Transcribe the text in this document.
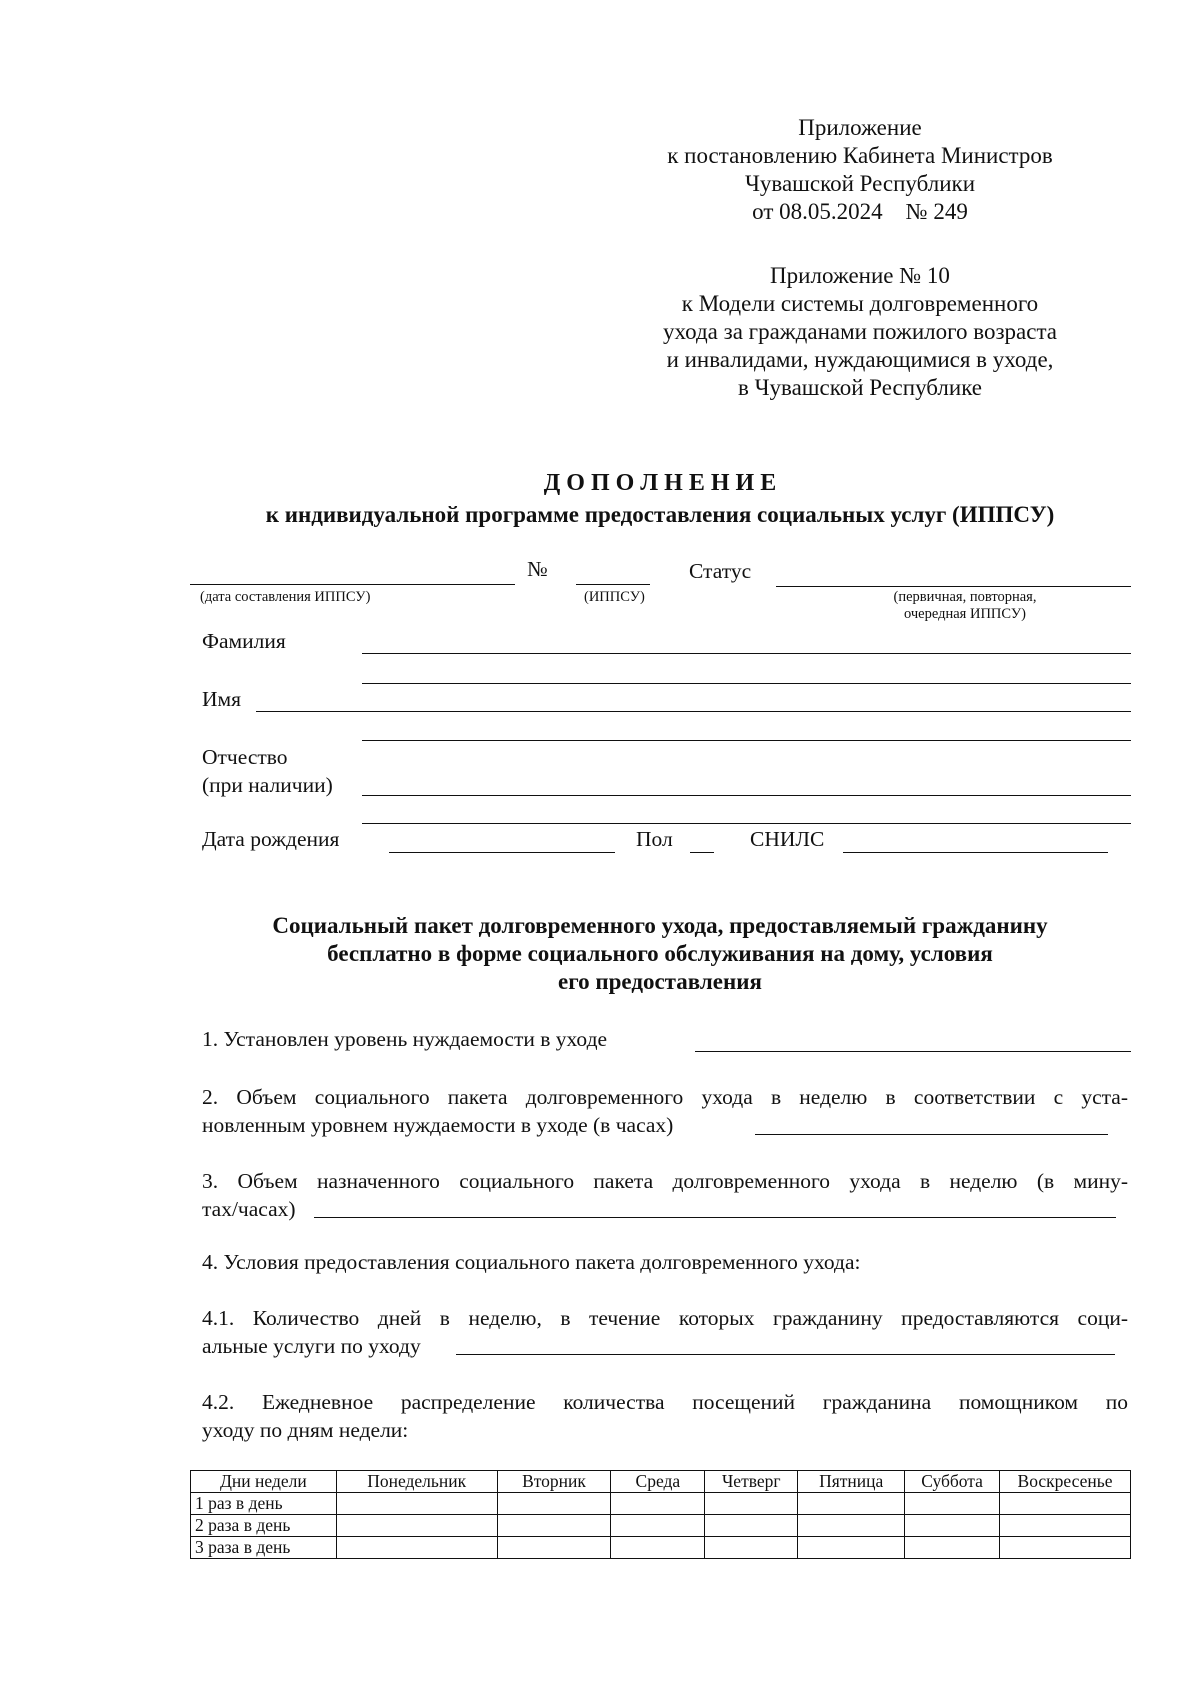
Приложение
к постановлению Кабинета Министров
Чувашской Республики
от 08.05.2024    № 249
Приложение № 10
к Модели системы долговременного
ухода за гражданами пожилого возраста
и инвалидами, нуждающимися в уходе,
в Чувашской Республике
Д О П О Л Н Е Н И Е
к индивидуальной программе предоставления социальных услуг (ИППСУ)
№	Статус
(дата составления ИППСУ)	(ИППСУ)	(первичная, повторная,
очередная ИППСУ)
Фамилия
Имя
Отчество
(при наличии)
Дата рождения	Пол	СНИЛС
Социальный пакет долговременного ухода, предоставляемый гражданину
бесплатно в форме социального обслуживания на дому, условия
его предоставления
1. Установлен уровень нуждаемости в уходе
2. Объем социального пакета долговременного ухода в неделю в соответствии с уста-
новленным уровнем нуждаемости в уходе (в часах)
3. Объем назначенного социального пакета долговременного ухода в неделю (в мину-
тах/часах)
4. Условия предоставления социального пакета долговременного ухода:
4.1. Количество дней в неделю, в течение которых гражданину предоставляются соци-
альные услуги по уходу
4.2. Ежедневное распределение количества посещений гражданина помощником по
уходу по дням недели:
Дни недели	Понедельник	Вторник	Среда	Четверг	Пятница	Суббота	Воскресенье
1 раз в день							
2 раза в день							
3 раза в день							
